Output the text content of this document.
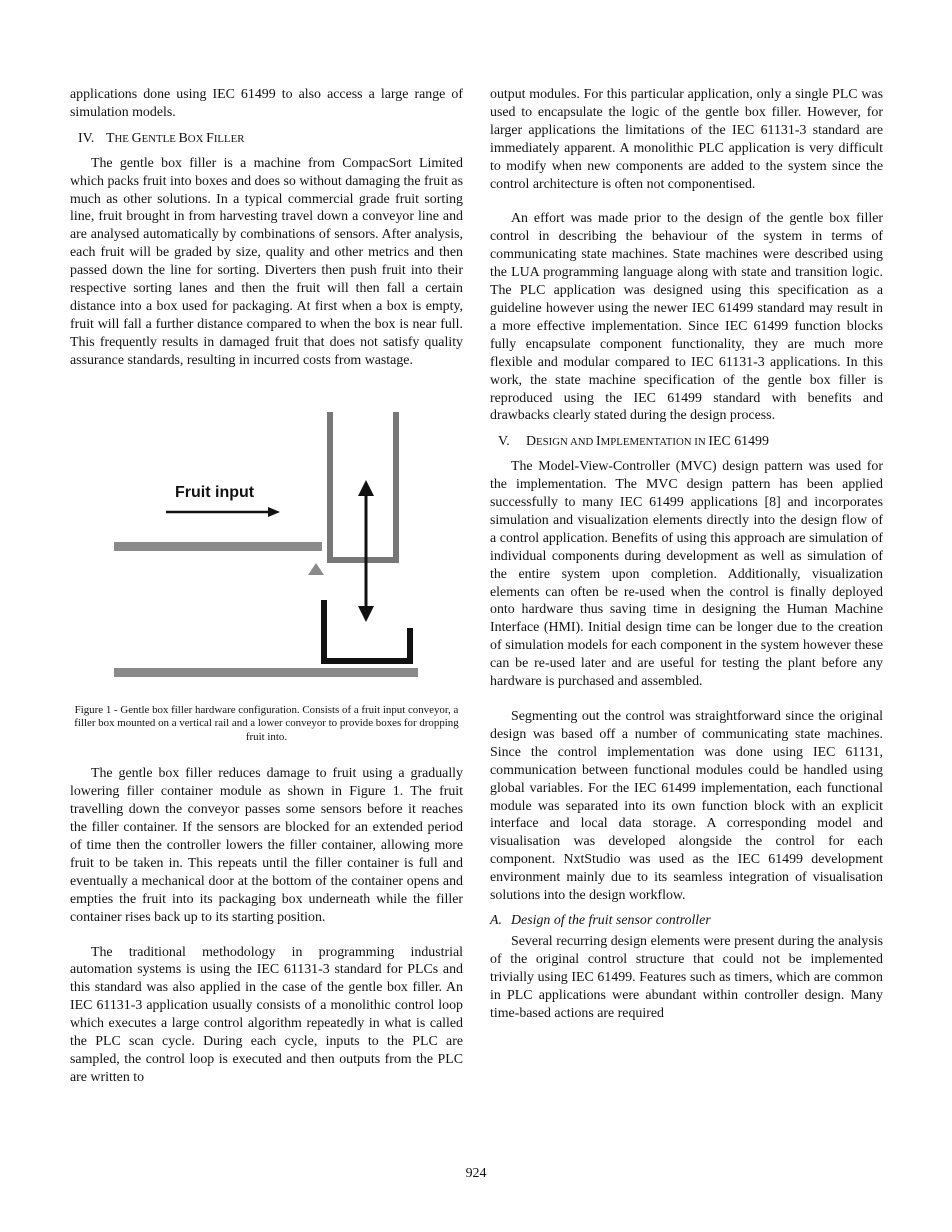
applications done using IEC 61499 to also access a large range of simulation models.

IV. THE GENTLE BOX FILLER

The gentle box filler is a machine from CompacSort Limited which packs fruit into boxes and does so without damaging the fruit as much as other solutions. In a typical commercial grade fruit sorting line, fruit brought in from harvesting travel down a conveyor line and are analysed automatically by combinations of sensors. After analysis, each fruit will be graded by size, quality and other metrics and then passed down the line for sorting. Diverters then push fruit into their respective sorting lanes and then the fruit will then fall a certain distance into a box used for packaging. At first when a box is empty, fruit will fall a further distance compared to when the box is near full. This frequently results in damaged fruit that does not satisfy quality assurance standards, resulting in incurred costs from wastage.

Fruit input

Figure 1 - Gentle box filler hardware configuration. Consists of a fruit input conveyor, a filler box mounted on a vertical rail and a lower conveyor to provide boxes for dropping fruit into.

The gentle box filler reduces damage to fruit using a gradually lowering filler container module as shown in Figure 1. The fruit travelling down the conveyor passes some sensors before it reaches the filler container. If the sensors are blocked for an extended period of time then the controller lowers the filler container, allowing more fruit to be taken in. This repeats until the filler container is full and eventually a mechanical door at the bottom of the container opens and empties the fruit into its packaging box underneath while the filler container rises back up to its starting position.

The traditional methodology in programming industrial automation systems is using the IEC 61131-3 standard for PLCs and this standard was also applied in the case of the gentle box filler. An IEC 61131-3 application usually consists of a monolithic control loop which executes a large control algorithm repeatedly in what is called the PLC scan cycle. During each cycle, inputs to the PLC are sampled, the control loop is executed and then outputs from the PLC are written to

output modules. For this particular application, only a single PLC was used to encapsulate the logic of the gentle box filler. However, for larger applications the limitations of the IEC 61131-3 standard are immediately apparent. A monolithic PLC application is very difficult to modify when new components are added to the system since the control architecture is often not componentised.

An effort was made prior to the design of the gentle box filler control in describing the behaviour of the system in terms of communicating state machines. State machines were described using the LUA programming language along with state and transition logic. The PLC application was designed using this specification as a guideline however using the newer IEC 61499 standard may result in a more effective implementation. Since IEC 61499 function blocks fully encapsulate component functionality, they are much more flexible and modular compared to IEC 61131-3 applications. In this work, the state machine specification of the gentle box filler is reproduced using the IEC 61499 standard with benefits and drawbacks clearly stated during the design process.

V. DESIGN AND IMPLEMENTATION IN IEC 61499

The Model-View-Controller (MVC) design pattern was used for the implementation. The MVC design pattern has been applied successfully to many IEC 61499 applications [8] and incorporates simulation and visualization elements directly into the design flow of a control application. Benefits of using this approach are simulation of individual components during development as well as simulation of the entire system upon completion. Additionally, visualization elements can often be re-used when the control is finally deployed onto hardware thus saving time in designing the Human Machine Interface (HMI). Initial design time can be longer due to the creation of simulation models for each component in the system however these can be re-used later and are useful for testing the plant before any hardware is purchased and assembled.

Segmenting out the control was straightforward since the original design was based off a number of communicating state machines. Since the control implementation was done using IEC 61131, communication between functional modules could be handled using global variables. For the IEC 61499 implementation, each functional module was separated into its own function block with an explicit interface and local data storage. A corresponding model and visualisation was developed alongside the control for each component. NxtStudio was used as the IEC 61499 development environment mainly due to its seamless integration of visualisation solutions into the design workflow.

A. Design of the fruit sensor controller

Several recurring design elements were present during the analysis of the original control structure that could not be implemented trivially using IEC 61499. Features such as timers, which are common in PLC applications were abundant within controller design. Many time-based actions are required

924
